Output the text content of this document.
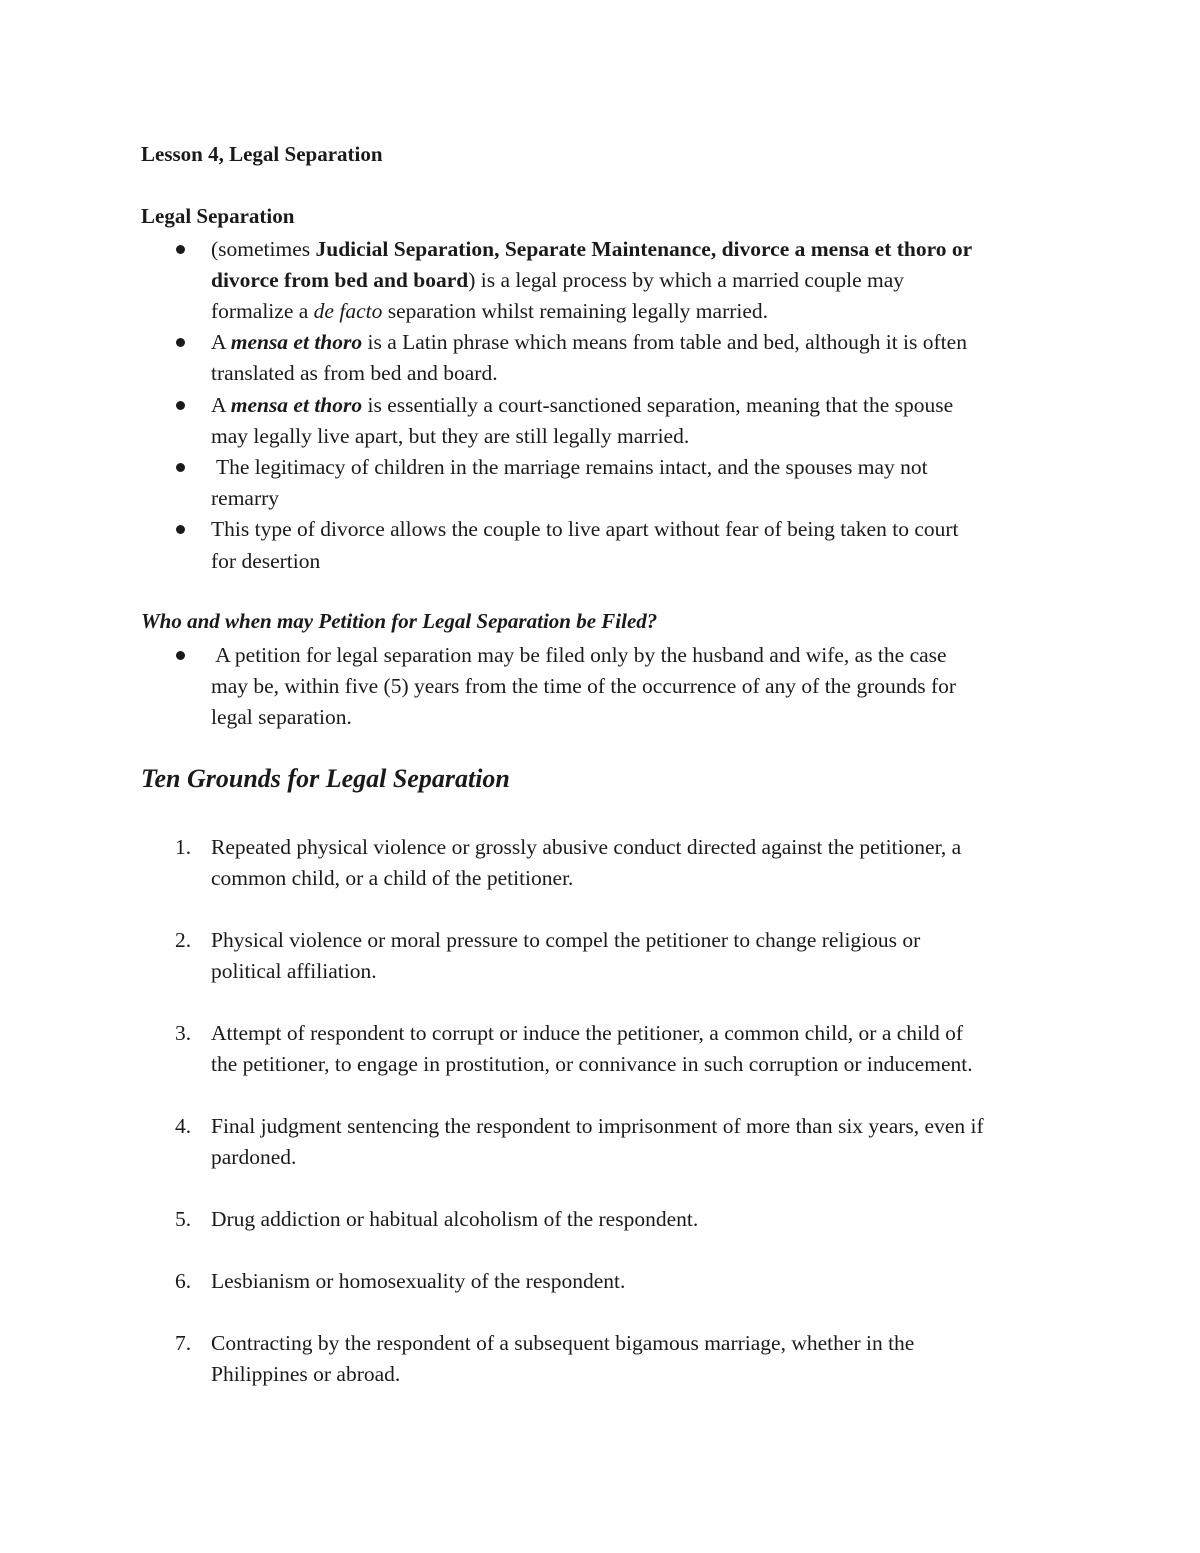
Lesson 4, Legal Separation
Legal Separation
(sometimes Judicial Separation, Separate Maintenance, divorce a mensa et thoro or
divorce from bed and board) is a legal process by which a married couple may
formalize a de facto separation whilst remaining legally married.
A mensa et thoro is a Latin phrase which means from table and bed, although it is often
translated as from bed and board.
A mensa et thoro is essentially a court-sanctioned separation, meaning that the spouse
may legally live apart, but they are still legally married.
The legitimacy of children in the marriage remains intact, and the spouses may not
remarry
This type of divorce allows the couple to live apart without fear of being taken to court
for desertion
Who and when may Petition for Legal Separation be Filed?
A petition for legal separation may be filed only by the husband and wife, as the case
may be, within five (5) years from the time of the occurrence of any of the grounds for
legal separation.
Ten Grounds for Legal Separation
1. Repeated physical violence or grossly abusive conduct directed against the petitioner, a
common child, or a child of the petitioner.
2. Physical violence or moral pressure to compel the petitioner to change religious or
political affiliation.
3. Attempt of respondent to corrupt or induce the petitioner, a common child, or a child of
the petitioner, to engage in prostitution, or connivance in such corruption or inducement.
4. Final judgment sentencing the respondent to imprisonment of more than six years, even if
pardoned.
5. Drug addiction or habitual alcoholism of the respondent.
6. Lesbianism or homosexuality of the respondent.
7. Contracting by the respondent of a subsequent bigamous marriage, whether in the
Philippines or abroad.
